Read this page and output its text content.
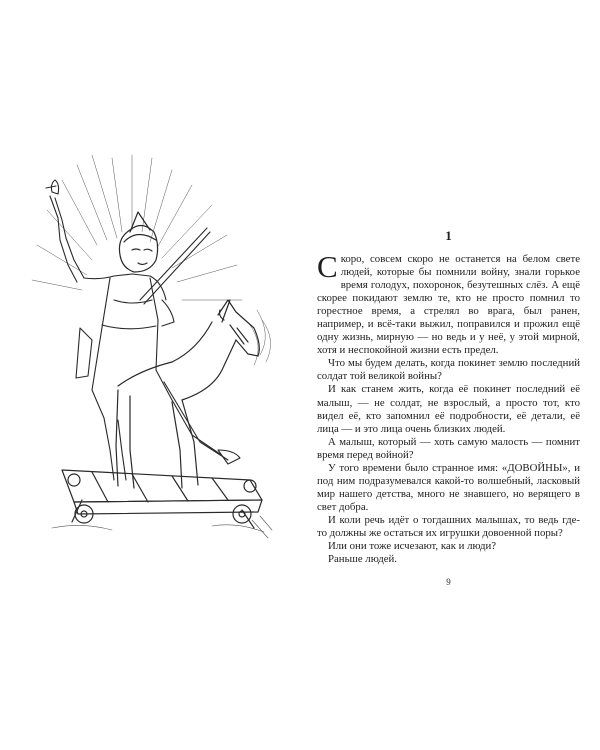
1

Скоро, совсем скоро не останется на белом свете людей, которые бы помнили войну, знали горькое время голодух, похоронок, безутешных слёз. А ещё скорее покидают землю те, кто не просто помнил то горестное время, а стрелял во врага, был ранен, например, и всё-таки выжил, поправился и прожил ещё одну жизнь, мирную — но ведь и у неё, у этой мирной, хотя и неспокойной жизни есть предел.

Что мы будем делать, когда покинет землю последний солдат той великой войны?

И как станем жить, когда её покинет последний её малыш, — не солдат, не взрослый, а просто тот, кто видел её, кто запомнил её подробности, её детали, её лица — и это лица очень близких людей.

А малыш, который — хоть самую малость — помнит время перед войной?

У того времени было странное имя: «ДОВОЙНЫ», и под ним подразумевался какой-то волшебный, ласковый мир нашего детства, много не знавшего, но верящего в свет добра.

И коли речь идёт о тогдашних малышах, то ведь где-то должны же остаться их игрушки довоенной поры?

Или они тоже исчезают, как и люди?

Раньше людей.

9
